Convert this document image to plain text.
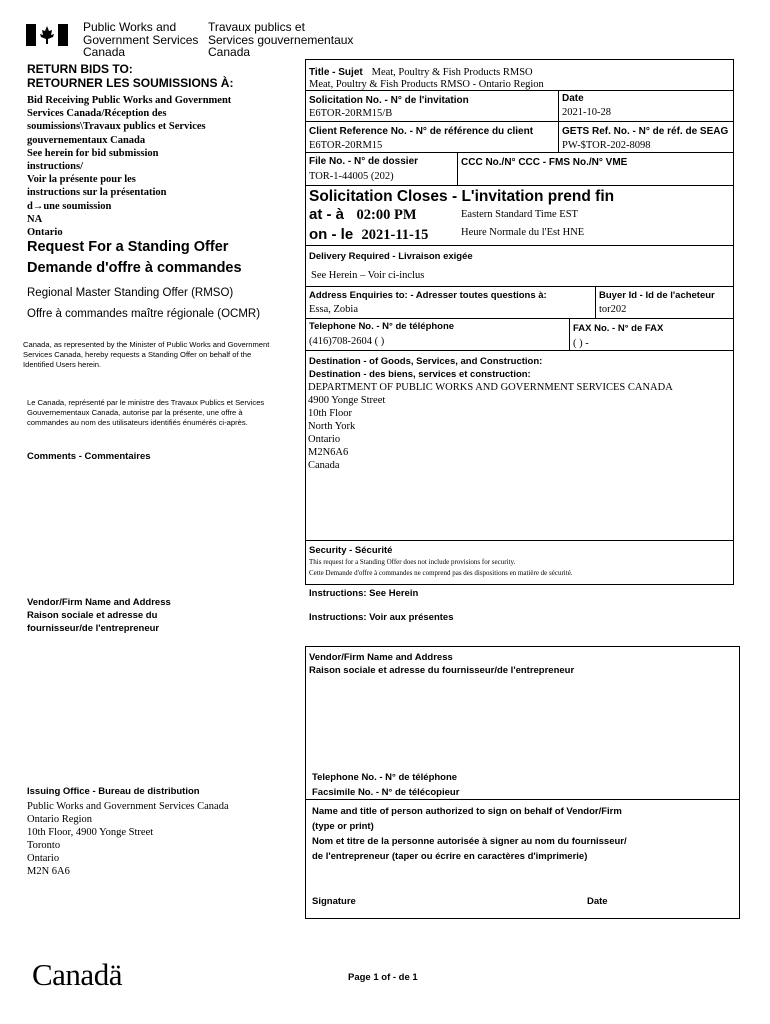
Public Works and
Government Services
Canada
Travaux publics et
Services gouvernementaux
Canada
RETURN BIDS TO:
RETOURNER LES SOUMISSIONS À:
Bid Receiving Public Works and Government
Services Canada/Réception des
soumissions\Travaux publics et Services
gouvernementaux Canada
See herein for bid submission
instructions/
Voir la présente pour les
instructions sur la présentation
d→une soumission
NA
Ontario
Request For a Standing Offer
Demande d'offre à commandes
Regional Master Standing Offer (RMSO)
Offre à commandes maître régionale (OCMR)
Canada, as represented by the Minister of Public Works and Government Services Canada, hereby requests a Standing Offer on behalf of the Identified Users herein.
Le Canada, représenté par le ministre des Travaux Publics et Services Gouvernementaux Canada, autorise par la présente, une offre à commandes au nom des utilisateurs identifiés énumérés ci-après.
Comments - Commentaires
Vendor/Firm Name and Address
Raison sociale et adresse du
fournisseur/de l'entrepreneur
Issuing Office - Bureau de distribution
Public Works and Government Services Canada
Ontario Region
10th Floor, 4900 Yonge Street
Toronto
Ontario
M2N 6A6
Title - Sujet Meat, Poultry & Fish Products RMSO
Meat, Poultry & Fish Products RMSO - Ontario Region
Solicitation No. - N° de l'invitation
E6TOR-20RM15/B
Date
2021-10-28
Client Reference No. - N° de référence du client
E6TOR-20RM15
GETS Ref. No. - N° de réf. de SEAG
PW-$TOR-202-8098
File No. - N° de dossier
TOR-1-44005 (202)
CCC No./N° CCC - FMS No./N° VME
Solicitation Closes - L'invitation prend fin
at - à 02:00 PM
on - le 2021-11-15
Eastern Standard Time EST
Heure Normale du l'Est HNE
Delivery Required - Livraison exigée
See Herein – Voir ci-inclus
Address Enquiries to: - Adresser toutes questions à:
Essa, Zobia
Buyer Id - Id de l'acheteur
tor202
Telephone No. - N° de téléphone
(416)708-2604 ( )
FAX No. - N° de FAX
( ) -
Destination - of Goods, Services, and Construction:
Destination - des biens, services et construction:
DEPARTMENT OF PUBLIC WORKS AND GOVERNMENT SERVICES CANADA
4900 Yonge Street
10th Floor
North York
Ontario
M2N6A6
Canada
Security - Sécurité
This request for a Standing Offer does not include provisions for security.
Cette Demande d'offre à commandes ne comprend pas des dispositions en matière de sécurité.
Instructions: See Herein
Instructions: Voir aux présentes
Vendor/Firm Name and Address
Raison sociale et adresse du fournisseur/de l'entrepreneur
Telephone No. - N° de téléphone
Facsimile No. - N° de télécopieur
Name and title of person authorized to sign on behalf of Vendor/Firm
(type or print)
Nom et titre de la personne autorisée à signer au nom du fournisseur/
de l'entrepreneur (taper ou écrire en caractères d'imprimerie)
Signature	Date
Canadä	Page 1 of - de 1
